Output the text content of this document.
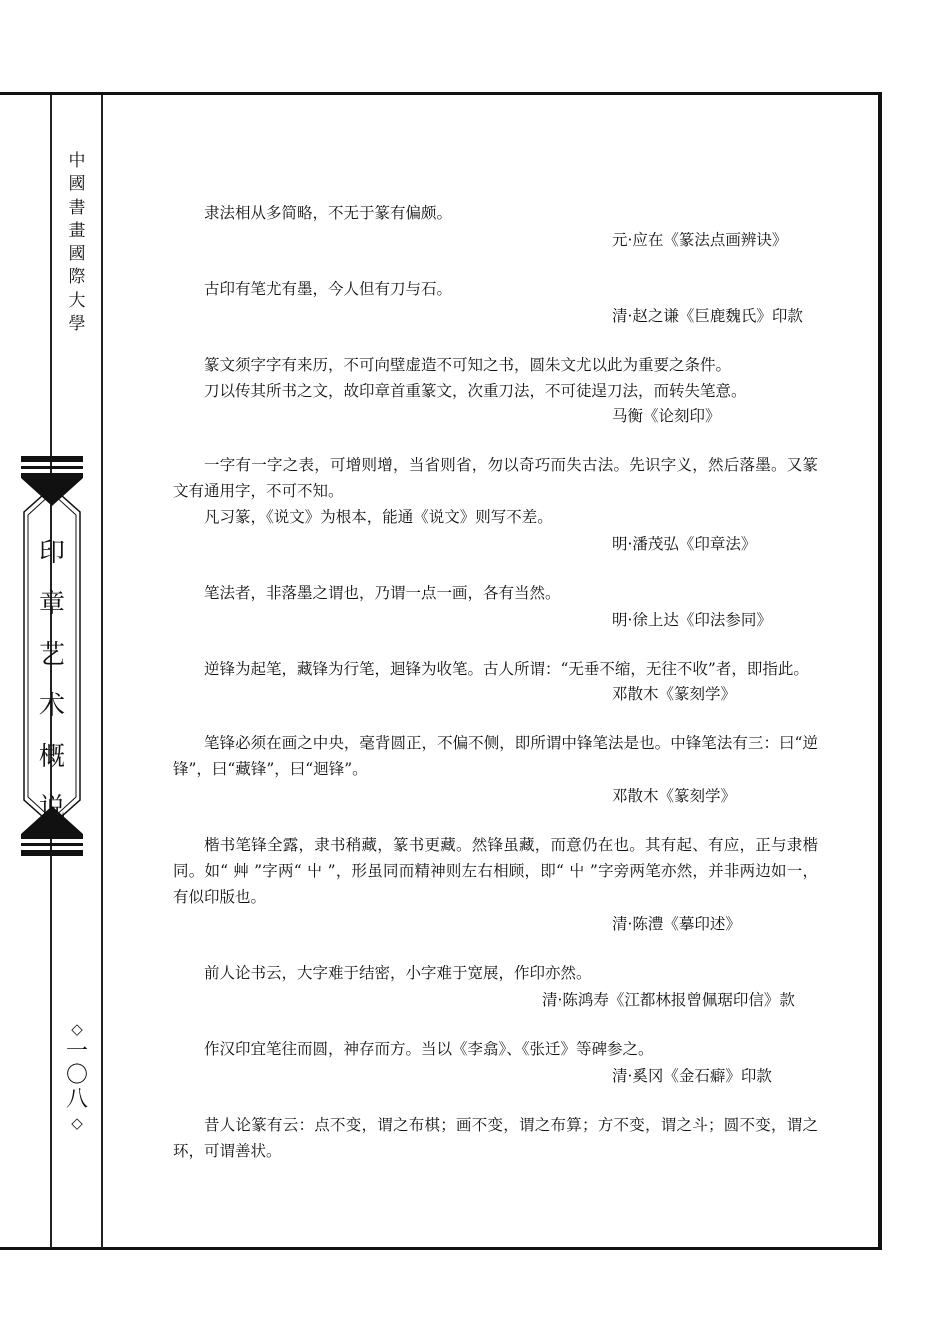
中
國
書
畫
國
際
大
學
印
章
艺
术
概
说
◇
一
〇
八
◇

隶法相从多简略，不无于篆有偏颇。

元·应在《篆法点画辨诀》

古印有笔尤有墨，今人但有刀与石。

清·赵之谦《巨鹿魏氏》印款

篆文须字字有来历，不可向壁虚造不可知之书，圆朱文尤以此为重要之条件。

刀以传其所书之文，故印章首重篆文，次重刀法，不可徒逞刀法，而转失笔意。

马衡《论刻印》

一字有一字之表，可增则增，当省则省，勿以奇巧而失古法。先识字义，然后落墨。又篆文有通用字，不可不知。

凡习篆，《说文》为根本，能通《说文》则写不差。

明·潘茂弘《印章法》

笔法者，非落墨之谓也，乃谓一点一画，各有当然。

明·徐上达《印法参同》

逆锋为起笔，藏锋为行笔，迴锋为收笔。古人所谓：“无垂不缩，无往不收”者，即指此。

邓散木《篆刻学》

笔锋必须在画之中央，毫背圆正，不偏不侧，即所谓中锋笔法是也。中锋笔法有三：曰“逆锋”，曰“藏锋”，曰“迴锋”。

邓散木《篆刻学》

楷书笔锋全露，隶书稍藏，篆书更藏。然锋虽藏，而意仍在也。其有起、有应，正与隶楷同。如“ 艸 ”字两“ 屮 ”，形虽同而精神则左右相顾，即“ 屮 ”字旁两笔亦然，并非两边如一，有似印版也。

清·陈澧《摹印述》

前人论书云，大字难于结密，小字难于宽展，作印亦然。

清·陈鸿寿《江都林报曾佩琚印信》款

作汉印宜笔往而圆，神存而方。当以《李翕》、《张迁》等碑参之。

清·奚冈《金石癖》印款

昔人论篆有云：点不变，谓之布棋；画不变，谓之布算；方不变，谓之斗；圆不变，谓之环，可谓善状。
